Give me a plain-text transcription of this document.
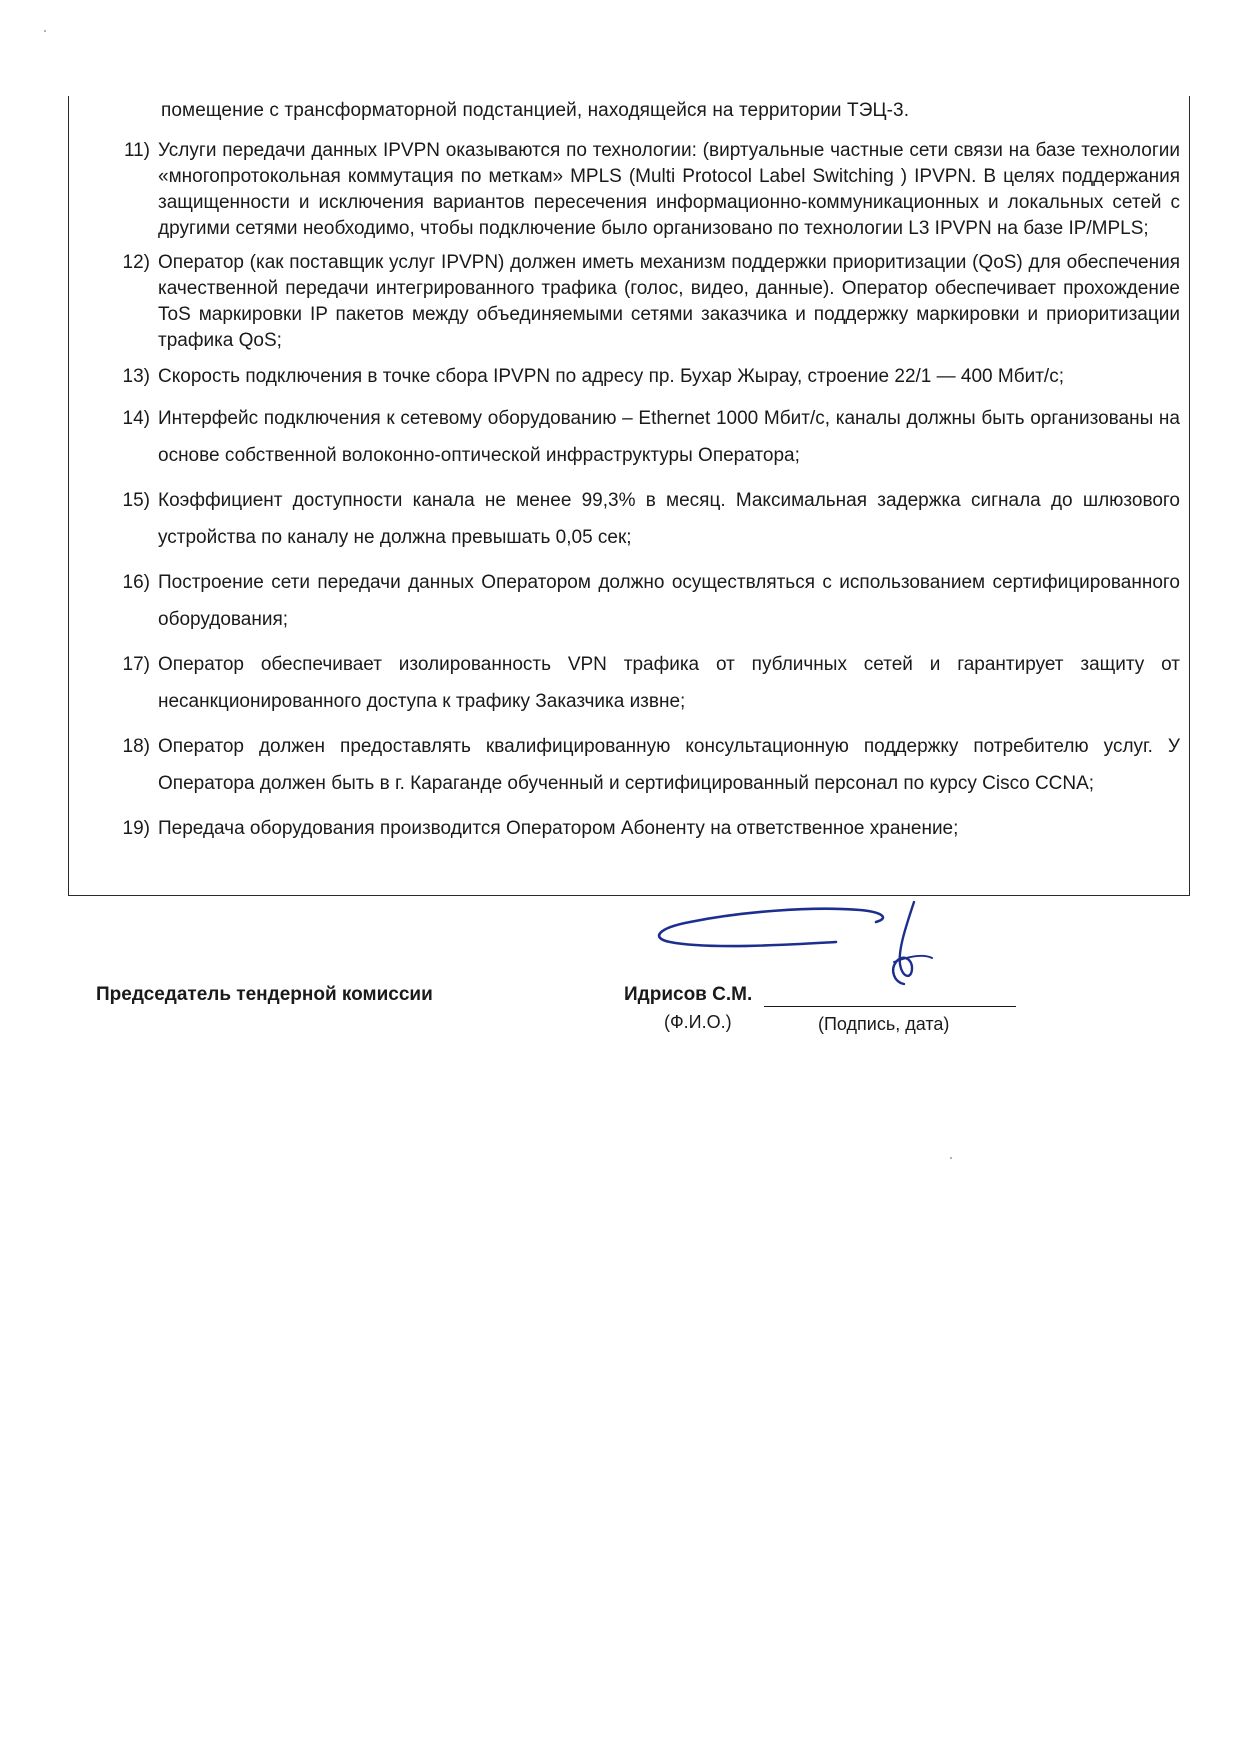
помещение с трансформаторной подстанцией, находящейся на территории ТЭЦ-3.
11) Услуги передачи данных IPVPN оказываются по технологии: (виртуальные частные сети связи на базе технологии «многопротокольная коммутация по меткам» MPLS (Multi Protocol Label Switching ) IPVPN. В целях поддержания защищенности и исключения вариантов пересечения информационно-коммуникационных и локальных сетей с другими сетями необходимо, чтобы подключение было организовано по технологии L3 IPVPN на базе IP/MPLS;
12) Оператор (как поставщик услуг IPVPN) должен иметь механизм поддержки приоритизации (QoS) для обеспечения качественной передачи интегрированного трафика (голос, видео, данные). Оператор обеспечивает прохождение ToS маркировки IP пакетов между объединяемыми сетями заказчика и поддержку маркировки и приоритизации трафика QoS;
13) Скорость подключения в точке сбора IPVPN по адресу пр. Бухар Жырау, строение 22/1 — 400 Мбит/с;
14) Интерфейс подключения к сетевому оборудованию – Ethernet 1000 Мбит/с, каналы должны быть организованы на основе собственной волоконно-оптической инфраструктуры Оператора;
15) Коэффициент доступности канала не менее 99,3% в месяц. Максимальная задержка сигнала до шлюзового устройства по каналу не должна превышать 0,05 сек;
16) Построение сети передачи данных Оператором должно осуществляться с использованием сертифицированного оборудования;
17) Оператор обеспечивает изолированность VPN трафика от публичных сетей и гарантирует защиту от несанкционированного доступа к трафику Заказчика извне;
18) Оператор должен предоставлять квалифицированную консультационную поддержку потребителю услуг. У Оператора должен быть в г. Караганде обученный и сертифицированный персонал по курсу Cisco CCNA;
19) Передача оборудования производится Оператором Абоненту на ответственное хранение;
Председатель тендерной комиссии	Идрисов С.М.
(Ф.И.О.)	(Подпись, дата)
